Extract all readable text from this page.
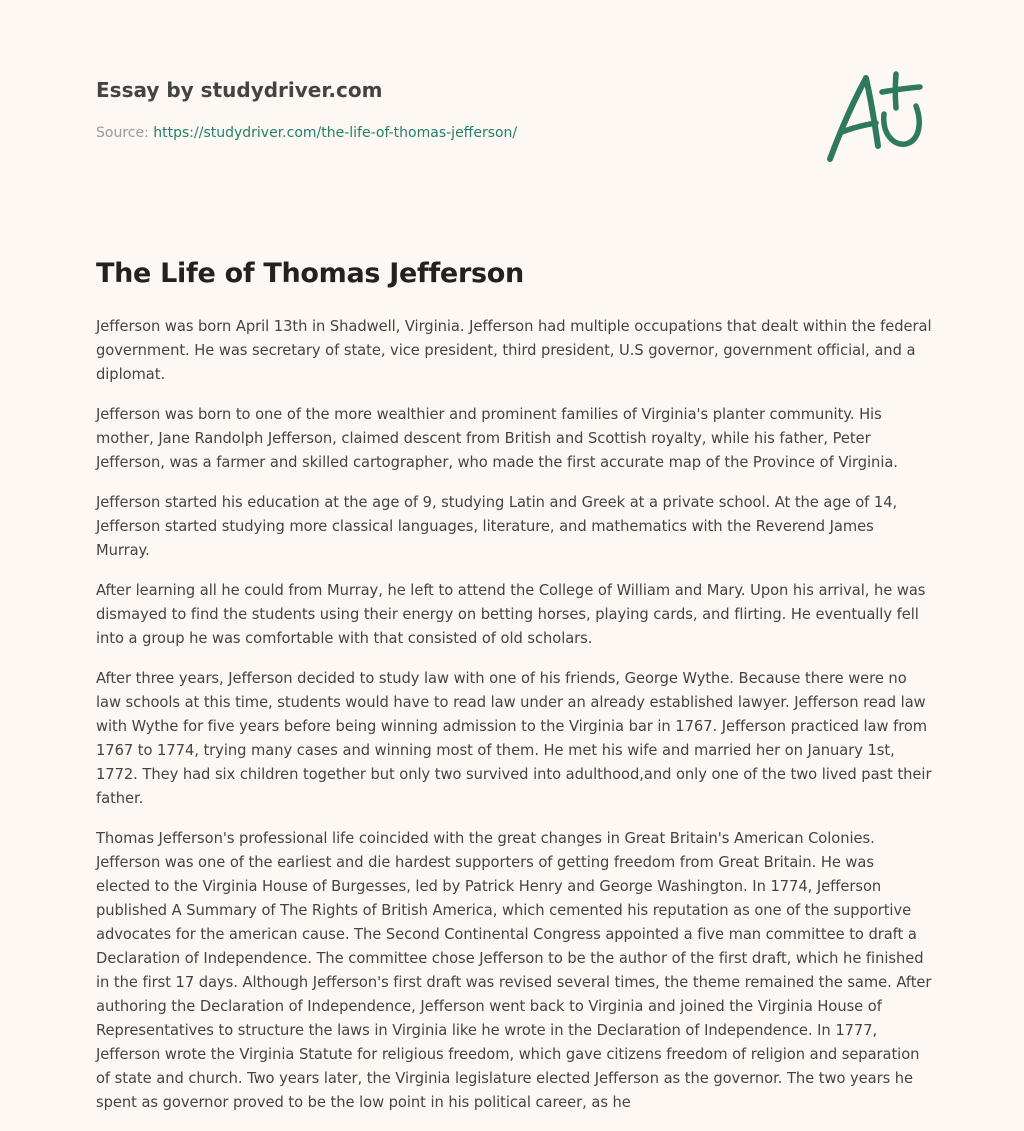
Essay by studydriver.com
Source: https://studydriver.com/the-life-of-thomas-jefferson/
The Life of Thomas Jefferson

Jefferson was born April 13th in Shadwell, Virginia. Jefferson had multiple occupations that dealt within the federal government. He was secretary of state, vice president, third president, U.S governor, government official, and a diplomat.

Jefferson was born to one of the more wealthier and prominent families of Virginia's planter community. His mother, Jane Randolph Jefferson, claimed descent from British and Scottish royalty, while his father, Peter Jefferson, was a farmer and skilled cartographer, who made the first accurate map of the Province of Virginia.

Jefferson started his education at the age of 9, studying Latin and Greek at a private school. At the age of 14, Jefferson started studying more classical languages, literature, and mathematics with the Reverend James Murray.

After learning all he could from Murray, he left to attend the College of William and Mary. Upon his arrival, he was dismayed to find the students using their energy on betting horses, playing cards, and flirting. He eventually fell into a group he was comfortable with that consisted of old scholars.

After three years, Jefferson decided to study law with one of his friends, George Wythe. Because there were no law schools at this time, students would have to read law under an already established lawyer. Jefferson read law with Wythe for five years before being winning admission to the Virginia bar in 1767. Jefferson practiced law from 1767 to 1774, trying many cases and winning most of them. He met his wife and married her on January 1st, 1772. They had six children together but only two survived into adulthood,and only one of the two lived past their father.

Thomas Jefferson's professional life coincided with the great changes in Great Britain's American Colonies. Jefferson was one of the earliest and die hardest supporters of getting freedom from Great Britain. He was elected to the Virginia House of Burgesses, led by Patrick Henry and George Washington. In 1774, Jefferson published A Summary of The Rights of British America, which cemented his reputation as one of the supportive advocates for the american cause. The Second Continental Congress appointed a five man committee to draft a Declaration of Independence. The committee chose Jefferson to be the author of the first draft, which he finished in the first 17 days. Although Jefferson's first draft was revised several times, the theme remained the same. After authoring the Declaration of Independence, Jefferson went back to Virginia and joined the Virginia House of Representatives to structure the laws in Virginia like he wrote in the Declaration of Independence. In 1777, Jefferson wrote the Virginia Statute for religious freedom, which gave citizens freedom of religion and separation of state and church. Two years later, the Virginia legislature elected Jefferson as the governor. The two years he spent as governor proved to be the low point in his political career, as he
